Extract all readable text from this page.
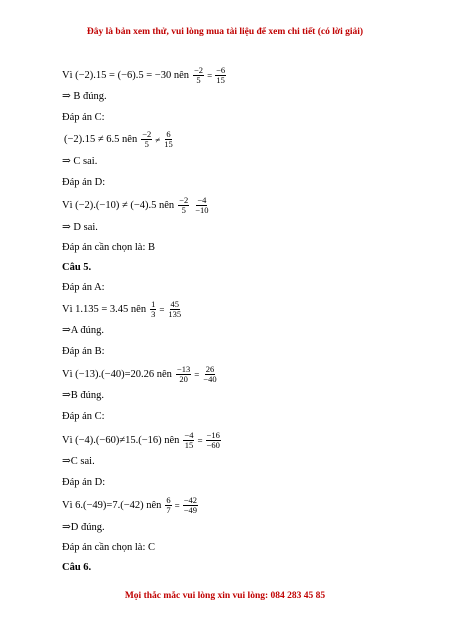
Đây là bản xem thử, vui lòng mua tài liệu để xem chi tiết (có lời giải)
Vì (−2).15 = (−6).5 = −30 nên $\frac{-2}{5} = \frac{-6}{15}$
⇒ B đúng.
Đáp án C:
(−2).15 ≠ 6.5 nên $\frac{-2}{5} \ne \frac{6}{15}$
⇒ C sai.
Đáp án D:
Vì (−2).(−10) ≠ (−4).5 nên $\frac{-2}{5} \frac{-4}{-10}$
⇒ D sai.
Đáp án cần chọn là: B
Câu 5.
Đáp án A:
Vì 1.135 = 3.45 nên $\frac{1}{3} = \frac{45}{135}$
⇒A đúng.
Đáp án B:
Vì (−13).(−40)=20.26 nên $\frac{-13}{20} = \frac{26}{-40}$
⇒B đúng.
Đáp án C:
Vì (−4).(−60)≠15.(−16) nên $\frac{-4}{15} = \frac{-16}{-60}$
⇒C sai.
Đáp án D:
Vì 6.(−49)=7.(−42) nên $\frac{6}{7} = \frac{-42}{-49}$
⇒D đúng.
Đáp án cần chọn là: C
Câu 6.
Mọi thắc mắc vui lòng xin vui lòng: 084 283 45 85
